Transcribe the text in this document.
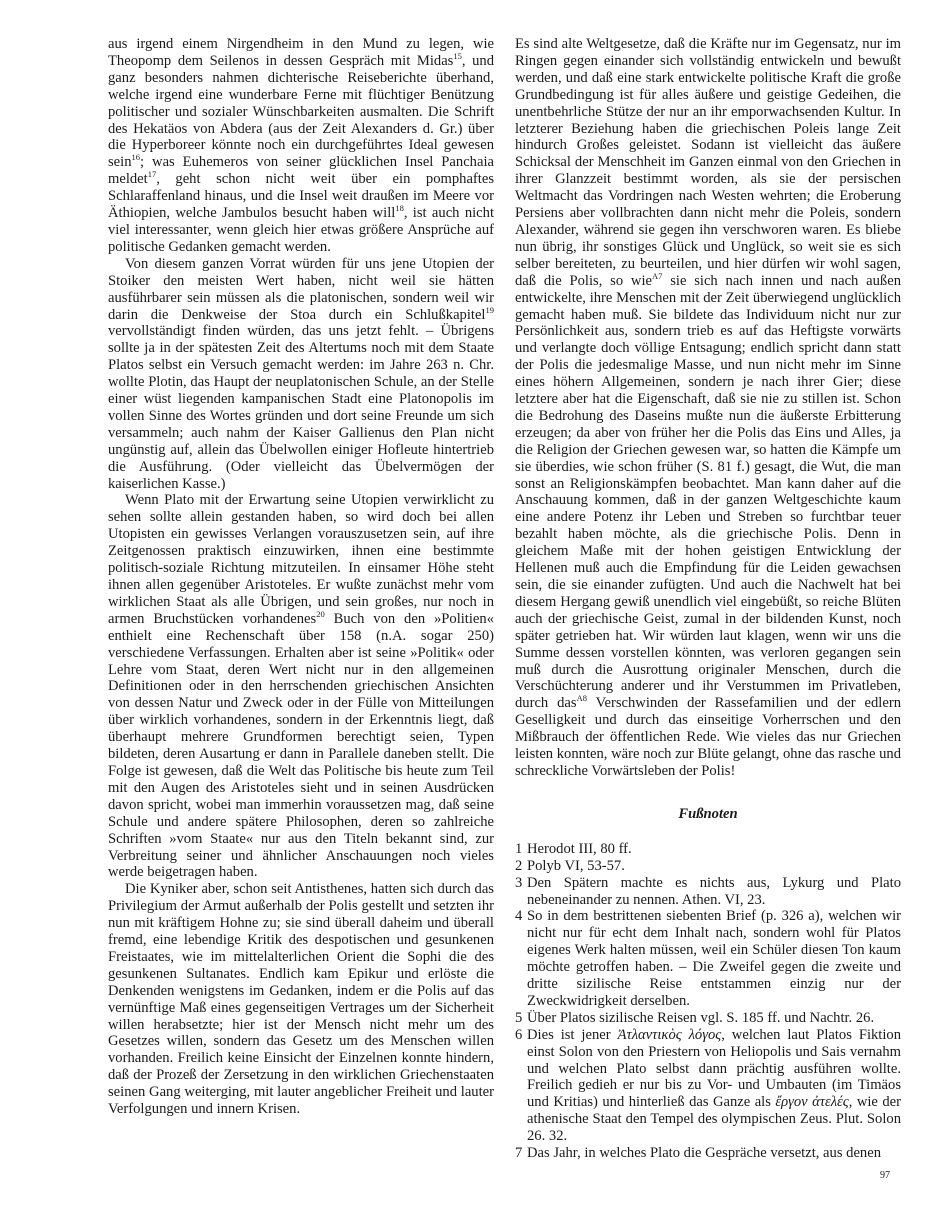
aus irgend einem Nirgendheim in den Mund zu legen, wie Theopomp dem Seilenos in dessen Gespräch mit Midas$^{15}$, und ganz besonders nahmen dichterische Reiseberichte überhand, welche irgend eine wunderbare Ferne mit flüchtiger Benützung politischer und sozialer Wünschbarkeiten ausmalten. Die Schrift des Hekatäos von Abdera (aus der Zeit Alexanders d. Gr.) über die Hyperboreer könnte noch ein durchgeführtes Ideal gewesen sein$^{16}$; was Euhemeros von seiner glücklichen Insel Panchaia meldet$^{17}$, geht schon nicht weit über ein pomphaftes Schlaraffenland hinaus, und die Insel weit draußen im Meere vor Äthiopien, welche Jambulos besucht haben will$^{18}$, ist auch nicht viel interessanter, wenn gleich hier etwas größere Ansprüche auf politische Gedanken gemacht werden.

Von diesem ganzen Vorrat würden für uns jene Utopien der Stoiker den meisten Wert haben, nicht weil sie hätten ausführbarer sein müssen als die platonischen, sondern weil wir darin die Denkweise der Stoa durch ein Schlußkapitel$^{19}$ vervollständigt finden würden, das uns jetzt fehlt. – Übrigens sollte ja in der spätesten Zeit des Altertums noch mit dem Staate Platos selbst ein Versuch gemacht werden: im Jahre 263 n. Chr. wollte Plotin, das Haupt der neuplatonischen Schule, an der Stelle einer wüst liegenden kampanischen Stadt eine Platonopolis im vollen Sinne des Wortes gründen und dort seine Freunde um sich versammeln; auch nahm der Kaiser Gallienus den Plan nicht ungünstig auf, allein das Übelwollen einiger Hofleute hintertrieb die Ausführung. (Oder vielleicht das Übelvermögen der kaiserlichen Kasse.)

Wenn Plato mit der Erwartung seine Utopien verwirklicht zu sehen sollte allein gestanden haben, so wird doch bei allen Utopisten ein gewisses Verlangen vorauszusetzen sein, auf ihre Zeitgenossen praktisch einzuwirken, ihnen eine bestimmte politisch-soziale Richtung mitzuteilen. In einsamer Höhe steht ihnen allen gegenüber Aristoteles. Er wußte zunächst mehr vom wirklichen Staat als alle Übrigen, und sein großes, nur noch in armen Bruchstücken vorhandenes$^{20}$ Buch von den »Politien« enthielt eine Rechenschaft über 158 (n.A. sogar 250) verschiedene Verfassungen. Erhalten aber ist seine »Politik« oder Lehre vom Staat, deren Wert nicht nur in den allgemeinen Definitionen oder in den herrschenden griechischen Ansichten von dessen Natur und Zweck oder in der Fülle von Mitteilungen über wirklich vorhandenes, sondern in der Erkenntnis liegt, daß überhaupt mehrere Grundformen berechtigt seien, Typen bildeten, deren Ausartung er dann in Parallele daneben stellt. Die Folge ist gewesen, daß die Welt das Politische bis heute zum Teil mit den Augen des Aristoteles sieht und in seinen Ausdrücken davon spricht, wobei man immerhin voraussetzen mag, daß seine Schule und andere spätere Philosophen, deren so zahlreiche Schriften »vom Staate« nur aus den Titeln bekannt sind, zur Verbreitung seiner und ähnlicher Anschauungen noch vieles werde beigetragen haben.

Die Kyniker aber, schon seit Antisthenes, hatten sich durch das Privilegium der Armut außerhalb der Polis gestellt und setzten ihr nun mit kräftigem Hohne zu; sie sind überall daheim und überall fremd, eine lebendige Kritik des despotischen und gesunkenen Freistaates, wie im mittelalterlichen Orient die Sophi die des gesunkenen Sultanates. Endlich kam Epikur und erlöste die Denkenden wenigstens im Gedanken, indem er die Polis auf das vernünftige Maß eines gegenseitigen Vertrages um der Sicherheit willen herabsetzte; hier ist der Mensch nicht mehr um des Gesetzes willen, sondern das Gesetz um des Menschen willen vorhanden. Freilich keine Einsicht der Einzelnen konnte hindern, daß der Prozeß der Zersetzung in den wirklichen Griechenstaaten seinen Gang weiterging, mit lauter angeblicher Freiheit und lauter Verfolgungen und innern Krisen.

Es sind alte Weltgesetze, daß die Kräfte nur im Gegensatz, nur im Ringen gegen einander sich vollständig entwickeln und bewußt werden, und daß eine stark entwickelte politische Kraft die große Grundbedingung ist für alles äußere und geistige Gedeihen, die unentbehrliche Stütze der nur an ihr emporwachsenden Kultur. In letzterer Beziehung haben die griechischen Poleis lange Zeit hindurch Großes geleistet. Sodann ist vielleicht das äußere Schicksal der Menschheit im Ganzen einmal von den Griechen in ihrer Glanzzeit bestimmt worden, als sie der persischen Weltmacht das Vordringen nach Westen wehrten; die Eroberung Persiens aber vollbrachten dann nicht mehr die Poleis, sondern Alexander, während sie gegen ihn verschworen waren. Es bliebe nun übrig, ihr sonstiges Glück und Unglück, so weit sie es sich selber bereiteten, zu beurteilen, und hier dürfen wir wohl sagen, daß die Polis, so wie$^{A7}$ sie sich nach innen und nach außen entwickelte, ihre Menschen mit der Zeit überwiegend unglücklich gemacht haben muß. Sie bildete das Individuum nicht nur zur Persönlichkeit aus, sondern trieb es auf das Heftigste vorwärts und verlangte doch völlige Entsagung; endlich spricht dann statt der Polis die jedesmalige Masse, und nun nicht mehr im Sinne eines höhern Allgemeinen, sondern je nach ihrer Gier; diese letztere aber hat die Eigenschaft, daß sie nie zu stillen ist. Schon die Bedrohung des Daseins mußte nun die äußerste Erbitterung erzeugen; da aber von früher her die Polis das Eins und Alles, ja die Religion der Griechen gewesen war, so hatten die Kämpfe um sie überdies, wie schon früher (S. 81 f.) gesagt, die Wut, die man sonst an Religionskämpfen beobachtet. Man kann daher auf die Anschauung kommen, daß in der ganzen Weltgeschichte kaum eine andere Potenz ihr Leben und Streben so furchtbar teuer bezahlt haben möchte, als die griechische Polis. Denn in gleichem Maße mit der hohen geistigen Entwicklung der Hellenen muß auch die Empfindung für die Leiden gewachsen sein, die sie einander zufügten. Und auch die Nachwelt hat bei diesem Hergang gewiß unendlich viel eingebüßt, so reiche Blüten auch der griechische Geist, zumal in der bildenden Kunst, noch später getrieben hat. Wir würden laut klagen, wenn wir uns die Summe dessen vorstellen könnten, was verloren gegangen sein muß durch die Ausrottung originaler Menschen, durch die Verschüchterung anderer und ihr Verstummen im Privatleben, durch das$^{A8}$ Verschwinden der Rassefamilien und der edlern Geselligkeit und durch das einseitige Vorherrschen und den Mißbrauch der öffentlichen Rede. Wie vieles das nur Griechen leisten konnten, wäre noch zur Blüte gelangt, ohne das rasche und schreckliche Vorwärtsleben der Polis!

Fußnoten
1 Herodot III, 80 ff.
2 Polyb VI, 53-57.
3 Den Spätern machte es nichts aus, Lykurg und Plato nebeneinander zu nennen. Athen. VI, 23.
4 So in dem bestrittenen siebenten Brief (p. 326 a), welchen wir nicht nur für echt dem Inhalt nach, sondern wohl für Platos eigenes Werk halten müssen, weil ein Schüler diesen Ton kaum möchte getroffen haben. – Die Zweifel gegen die zweite und dritte sizilische Reise entstammen einzig nur der Zweckwidrigkeit derselben.
5 Über Platos sizilische Reisen vgl. S. 185 ff. und Nachtr. 26.
6 Dies ist jener Ἀτλαντικὸς λόγος, welchen laut Platos Fiktion einst Solon von den Priestern von Heliopolis und Sais vernahm und welchen Plato selbst dann prächtig ausführen wollte. Freilich gedieh er nur bis zu Vor- und Umbauten (im Timäos und Kritias) und hinterließ das Ganze als ἔργον ἀτελές, wie der athenische Staat den Tempel des olympischen Zeus. Plut. Solon 26. 32.
7 Das Jahr, in welches Plato die Gespräche versetzt, aus denen
97
